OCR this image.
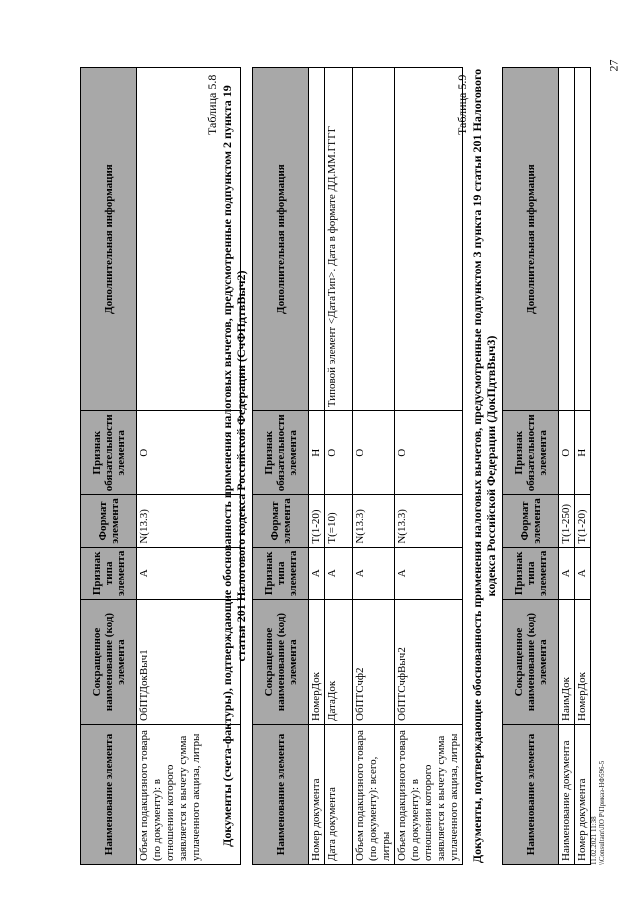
27
Наименование элемента	Сокращенное наименование (код) элемента	Признак типа элемента	Формат элемента	Признак обязательности элемента	Дополнительная информация
Объем подакцизного товара (по документу): в отношении которого заявляется к вычету сумма уплаченного акциза, литры	ОбПТДокВыч1	А	N(13.3)	О	
Таблица 5.8 Документы (счета-фактуры), подтверждающие обоснованность применения налоговых вычетов, предусмотренные подпунктом 2 пункта 19 статьи 201 Налогового кодекса Российской Федерации (СчФПдтвВыч2)
Наименование элемента	Сокращенное наименование (код) элемента	Признак типа элемента	Формат элемента	Признак обязательности элемента	Дополнительная информация
Номер документа	НомерДок	А	T(1-20)	Н	
Дата документа	ДатаДок	А	T(=10)	О	Типовой элемент <ДатаТип>. Дата в формате ДД.ММ.ГГГГ
Объем подакцизного товара (по документу): всего, литры	ОбПТСчф2	А	N(13.3)	О	
Объем подакцизного товара (по документу): в отношении которого заявляется к вычету сумма уплаченного акциза, литры	ОбПТСчфВыч2	А	N(13.3)	О	
Таблица 5.9 Документы, подтверждающие обоснованность применения налоговых вычетов, предусмотренные подпунктом 3 пункта 19 статьи 201 Налогового кодекса Российской Федерации (ДокПдтвВыч3)
Наименование элемента	Сокращенное наименование (код) элемента	Признак типа элемента	Формат элемента	Признак обязательности элемента	Дополнительная информация
Наименование документа	НаимДок	А	T(1-250)	О	
Номер документа	НомерДок	А	T(1-20)	Н	
11.02.2021 11:38 \\Consultant\ЛО Р\Приказ-НФ596-5
